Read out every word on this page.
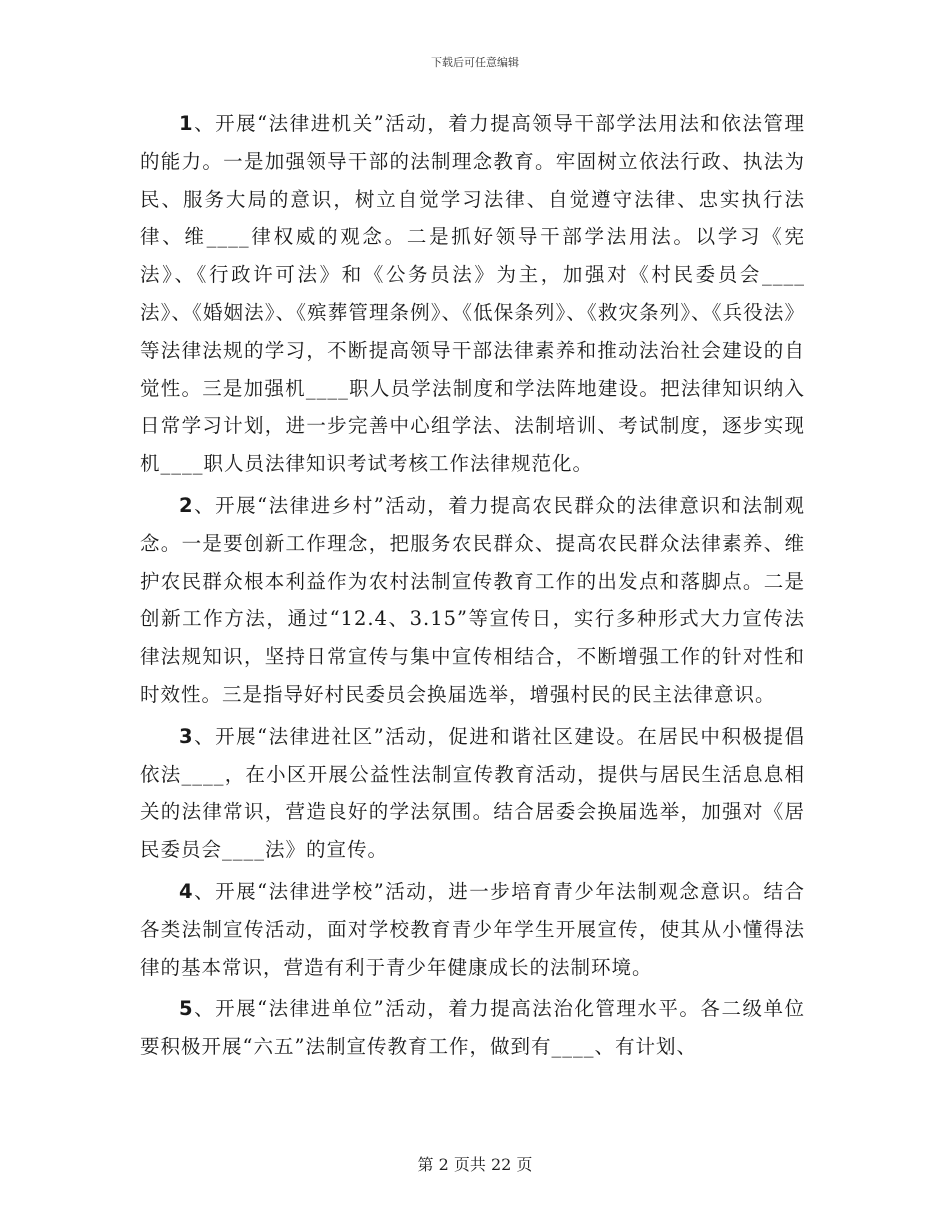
下载后可任意编辑

1、开展“法律进机关”活动，着力提高领导干部学法用法和依法管理的能力。一是加强领导干部的法制理念教育。牢固树立依法行政、执法为民、服务大局的意识，树立自觉学习法律、自觉遵守法律、忠实执行法律、维____律权威的观念。二是抓好领导干部学法用法。以学习《宪法》、《行政许可法》和《公务员法》为主，加强对《村民委员会____法》、《婚姻法》、《殡葬管理条例》、《低保条列》、《救灾条列》、《兵役法》等法律法规的学习，不断提高领导干部法律素养和推动法治社会建设的自觉性。三是加强机____职人员学法制度和学法阵地建设。把法律知识纳入日常学习计划，进一步完善中心组学法、法制培训、考试制度，逐步实现机____职人员法律知识考试考核工作法律规范化。

2、开展“法律进乡村”活动，着力提高农民群众的法律意识和法制观念。一是要创新工作理念，把服务农民群众、提高农民群众法律素养、维护农民群众根本利益作为农村法制宣传教育工作的出发点和落脚点。二是创新工作方法，通过“12.4、3.15”等宣传日，实行多种形式大力宣传法律法规知识，坚持日常宣传与集中宣传相结合，不断增强工作的针对性和时效性。三是指导好村民委员会换届选举，增强村民的民主法律意识。

3、开展“法律进社区”活动，促进和谐社区建设。在居民中积极提倡依法____，在小区开展公益性法制宣传教育活动，提供与居民生活息息相关的法律常识，营造良好的学法氛围。结合居委会换届选举，加强对《居民委员会____法》的宣传。

4、开展“法律进学校”活动，进一步培育青少年法制观念意识。结合各类法制宣传活动，面对学校教育青少年学生开展宣传，使其从小懂得法律的基本常识，营造有利于青少年健康成长的法制环境。

5、开展“法律进单位”活动，着力提高法治化管理水平。各二级单位要积极开展“六五”法制宣传教育工作，做到有____、有计划、

第 2 页共 22 页
